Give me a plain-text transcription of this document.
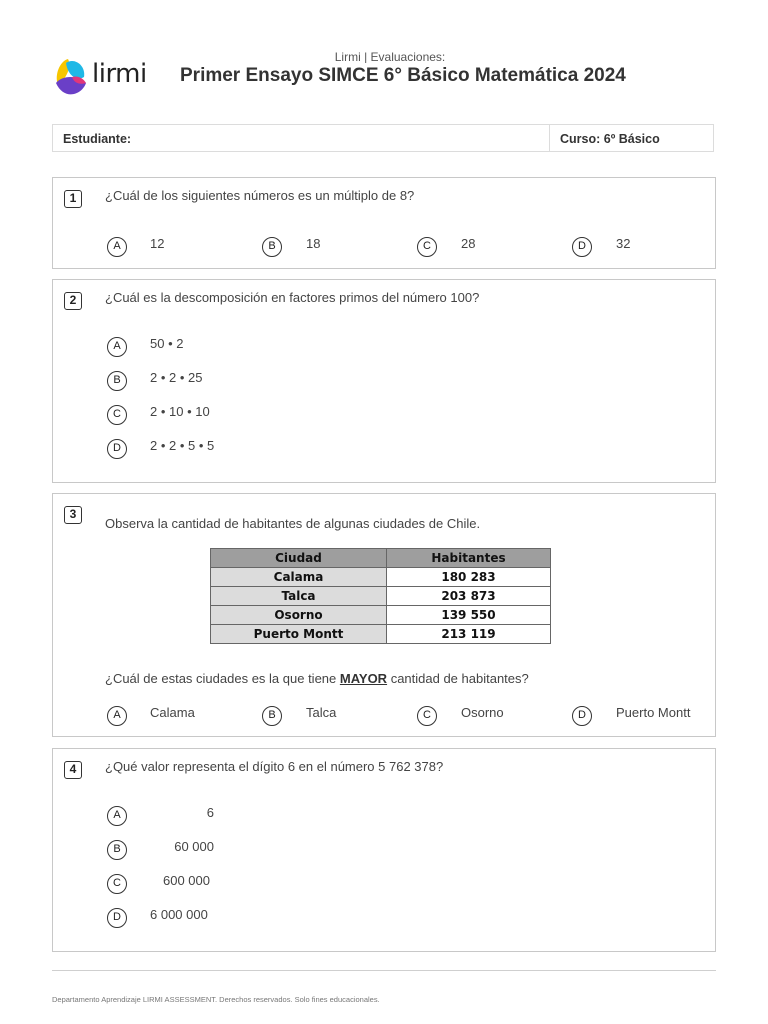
lirmi
Lirmi | Evaluaciones:
Primer Ensayo SIMCE 6° Básico Matemática 2024
Estudiante:	Curso: 6º Básico
1	¿Cuál de los siguientes números es un múltiplo de 8?
A	12	B	18	C	28	D	32
2	¿Cuál es la descomposición en factores primos del número 100?
A	50 • 2
B	2 • 2 • 25
C	2 • 10 • 10
D	2 • 2 • 5 • 5
3
Observa la cantidad de habitantes de algunas ciudades de Chile.
Ciudad	Habitantes
Calama	180 283
Talca	203 873
Osorno	139 550
Puerto Montt	213 119
¿Cuál de estas ciudades es la que tiene MAYOR cantidad de habitantes?
A	Calama	B	Talca	C	Osorno	D	Puerto Montt
4	¿Qué valor representa el dígito 6 en el número 5 762 378?
A	6
B	60 000
C	600 000
D	6 000 000
Departamento Aprendizaje LIRMI ASSESSMENT. Derechos reservados. Solo fines educacionales.
